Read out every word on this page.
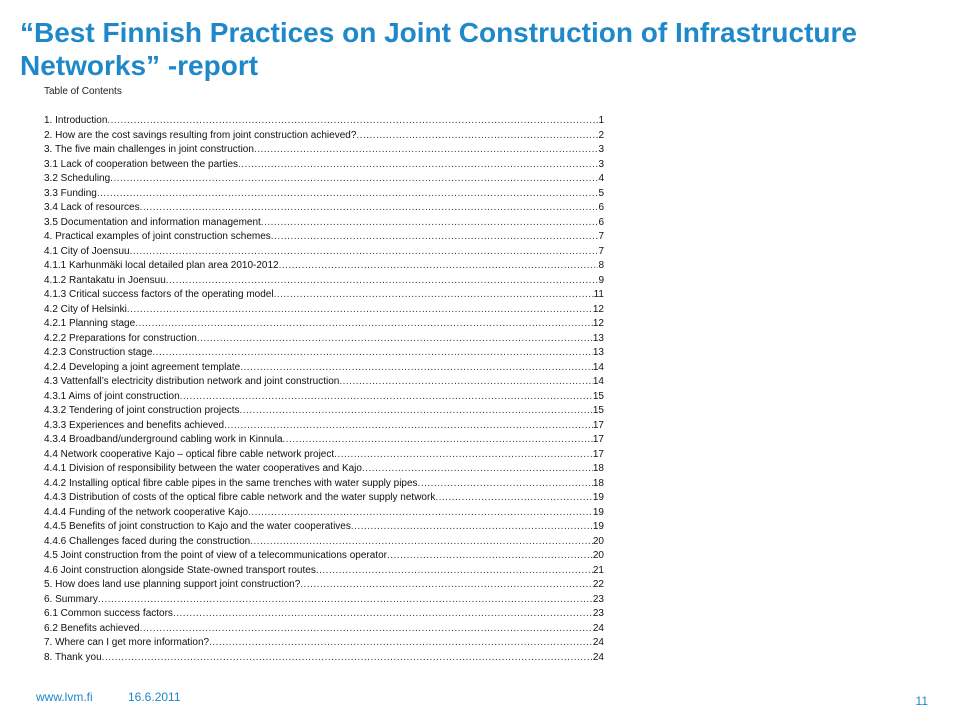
“Best Finnish Practices on Joint Construction of Infrastructure Networks” -report
Table of Contents
1. Introduction .....	1
2. How are the cost savings resulting from joint construction achieved? .....	2
3. The five main challenges in joint construction .....	3
3.1 Lack of cooperation between the parties .....	3
3.2 Scheduling .....	4
3.3 Funding .....	5
3.4 Lack of resources .....	6
3.5 Documentation and information management .....	6
4. Practical examples of joint construction schemes .....	7
4.1 City of Joensuu .....	7
4.1.1 Karhunmäki local detailed plan area 2010-2012 .....	8
4.1.2 Rantakatu in Joensuu .....	9
4.1.3 Critical success factors of the operating model .....	11
4.2 City of Helsinki .....	12
4.2.1 Planning stage .....	12
4.2.2 Preparations for construction .....	13
4.2.3 Construction stage .....	13
4.2.4 Developing a joint agreement template .....	14
4.3 Vattenfall’s electricity distribution network and joint construction .....	14
4.3.1 Aims of joint construction .....	15
4.3.2 Tendering of joint construction projects .....	15
4.3.3 Experiences and benefits achieved .....	17
4.3.4 Broadband/underground cabling work in Kinnula .....	17
4.4 Network cooperative Kajo – optical fibre cable network project .....	17
4.4.1 Division of responsibility between the water cooperatives and Kajo .....	18
4.4.2 Installing optical fibre cable pipes in the same trenches with water supply pipes .....	18
4.4.3 Distribution of costs of the optical fibre cable network and the water supply network .....	19
4.4.4 Funding of the network cooperative Kajo .....	19
4.4.5 Benefits of joint construction to Kajo and the water cooperatives .....	19
4.4.6 Challenges faced during the construction .....	20
4.5 Joint construction from the point of view of a telecommunications operator .....	20
4.6 Joint construction alongside State-owned transport routes .....	21
5. How does land use planning support joint construction? .....	22
6. Summary .....	23
6.1 Common success factors .....	23
6.2 Benefits achieved .....	24
7. Where can I get more information? .....	24
8. Thank you .....	24
www.lvm.fi	16.6.2011	11
